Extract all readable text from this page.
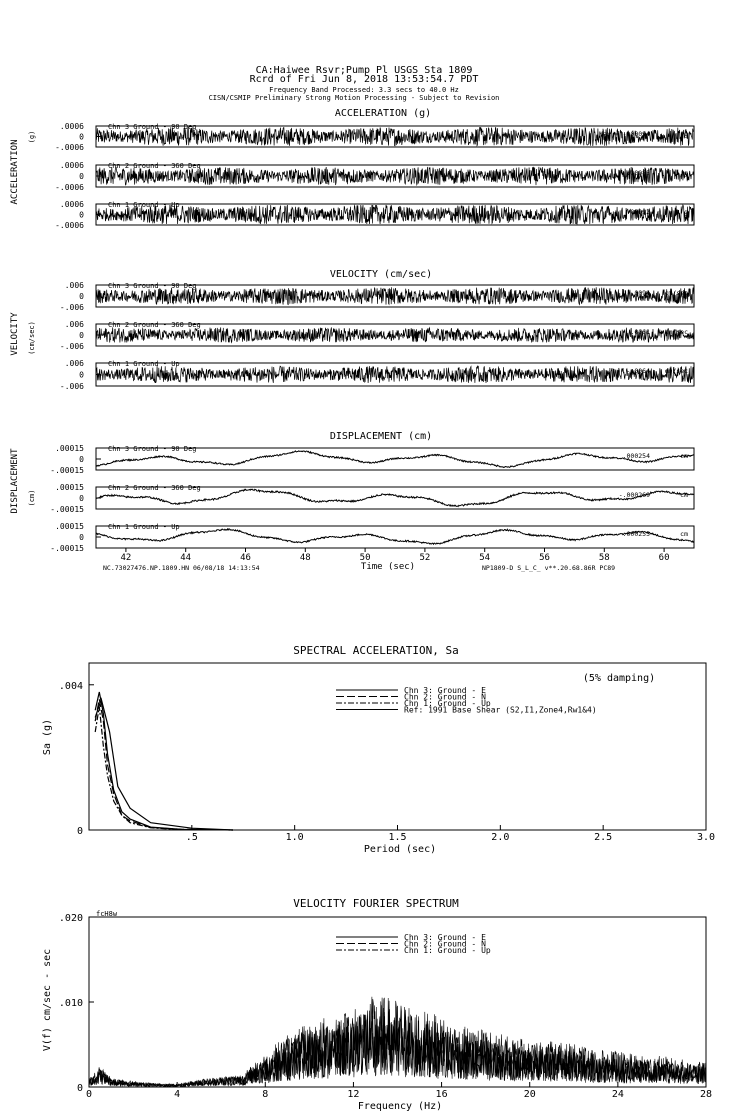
CA:Haiwee Rsvr;Pump Pl USGS Sta 1809
Rcrd of Fri Jun 8, 2018 13:53:54.7 PDT
Frequency Band Processed: 3.3 secs to 40.0 Hz
CISN/CSMIP Preliminary Strong Motion Processing - Subject to Revision
ACCELERATION (g)
ACCELERATION
(g)
.0006
0
-.0006
Chn 3 Ground - 90 Deg
Max = -.00094	g
.0006
0
-.0006
Chn 2 Ground - 360 Deg
.00085	g
.0006
0
-.0006
Chn 1 Ground - Up
.00092	g
VELOCITY (cm/sec)
VELOCITY (cm/sec)
.006
0
-.006
Chn 3 Ground - 90 Deg
-.0094 cm/sec
.006
0
-.006
Chn 2 Ground - 360 Deg
.0061 cm/sec
.006
0
-.006
Chn 1 Ground - Up
-.0064 cm/sec
DISPLACEMENT (cm)
DISPLACEMENT (cm)
.00015
0
-.00015
Chn 3 Ground - 90 Deg
.000254	cm
.00015
0
-.00015
Chn 2 Ground - 360 Deg
-.000269	cm
.00015
0
-.00015
Chn 1 Ground - Up
.000255	cm
42	44	46	48	50	52	54	56	58	60
Time (sec)
NC.73027476.NP.1809.HN 06/08/18 14:13:54	NP1809-D S_L_C_ v**.20.68.86R PC89
SPECTRAL ACCELERATION, Sa
(5% damping)
Period (sec)
Sa (g)
.5	1.0	1.5	2.0	2.5	3.0
.004
0
Chn 3: Ground - E
Chn 2: Ground - N
Chn 1: Ground - Up
Ref: 1991 Base Shear (S2,I1,Zone4,Rw1&4)
VELOCITY FOURIER SPECTRUM
fcH8w
Frequency (Hz)
V(f) cm/sec - sec
0	4	8	12	16	20	24	28
.020
.010
0
Chn 3: Ground - E
Chn 2: Ground - N
Chn 1: Ground - Up
